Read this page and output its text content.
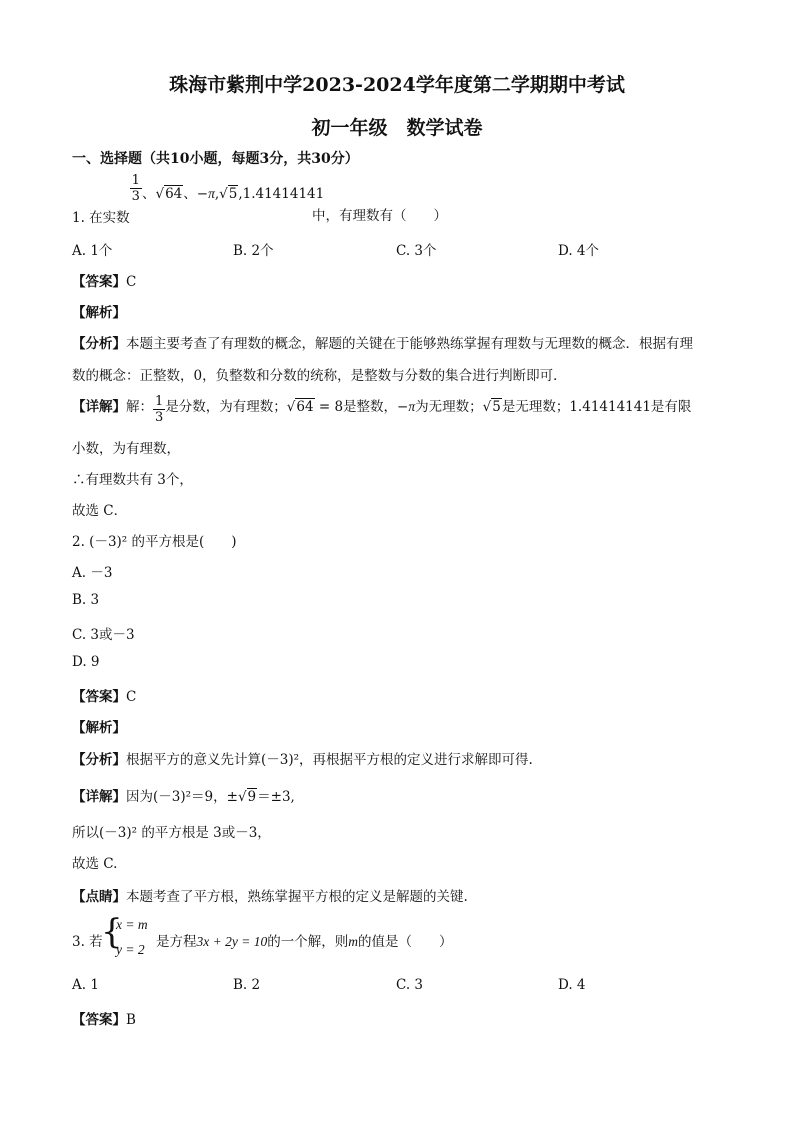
珠海市紫荆中学2023-2024学年度第二学期期中考试
初一年级　数学试卷
一、选择题（共10小题，每题3分，共30分）
1. 在实数
$\frac{1}{3}$ 、√64、−π,√5,1.41414141
中，有理数有（　　）
A. 1个	B. 2个	C. 3个	D. 4个
【答案】C
【解析】
【分析】本题主要考查了有理数的概念，解题的关键在于能够熟练掌握有理数与无理数的概念．根据有理
数的概念：正整数，0，负整数和分数的统称，是整数与分数的集合进行判断即可．
【详解】解： $\frac{1}{3}$ 是分数，为有理数；√64 = 8是整数，−π为无理数；√5是无理数；1.41414141是有限
小数，为有理数，
∴有理数共有 3个，
故选 C．
2. (－3)² 的平方根是(　　)
A. －3
B. 3
C. 3或－3
D. 9
【答案】C
【解析】
【分析】根据平方的意义先计算(－3)²，再根据平方根的定义进行求解即可得.
【详解】因为(－3)²＝9，±√9＝±3,
所以(－3)² 的平方根是 3或－3，
故选 C.
【点睛】本题考查了平方根，熟练掌握平方根的定义是解题的关键.
3. 若
{
x = m
y = 2 是方程3x + 2y = 10的一个解，则m的值是（　　）
A. 1	B. 2	C. 3	D. 4
【答案】B
